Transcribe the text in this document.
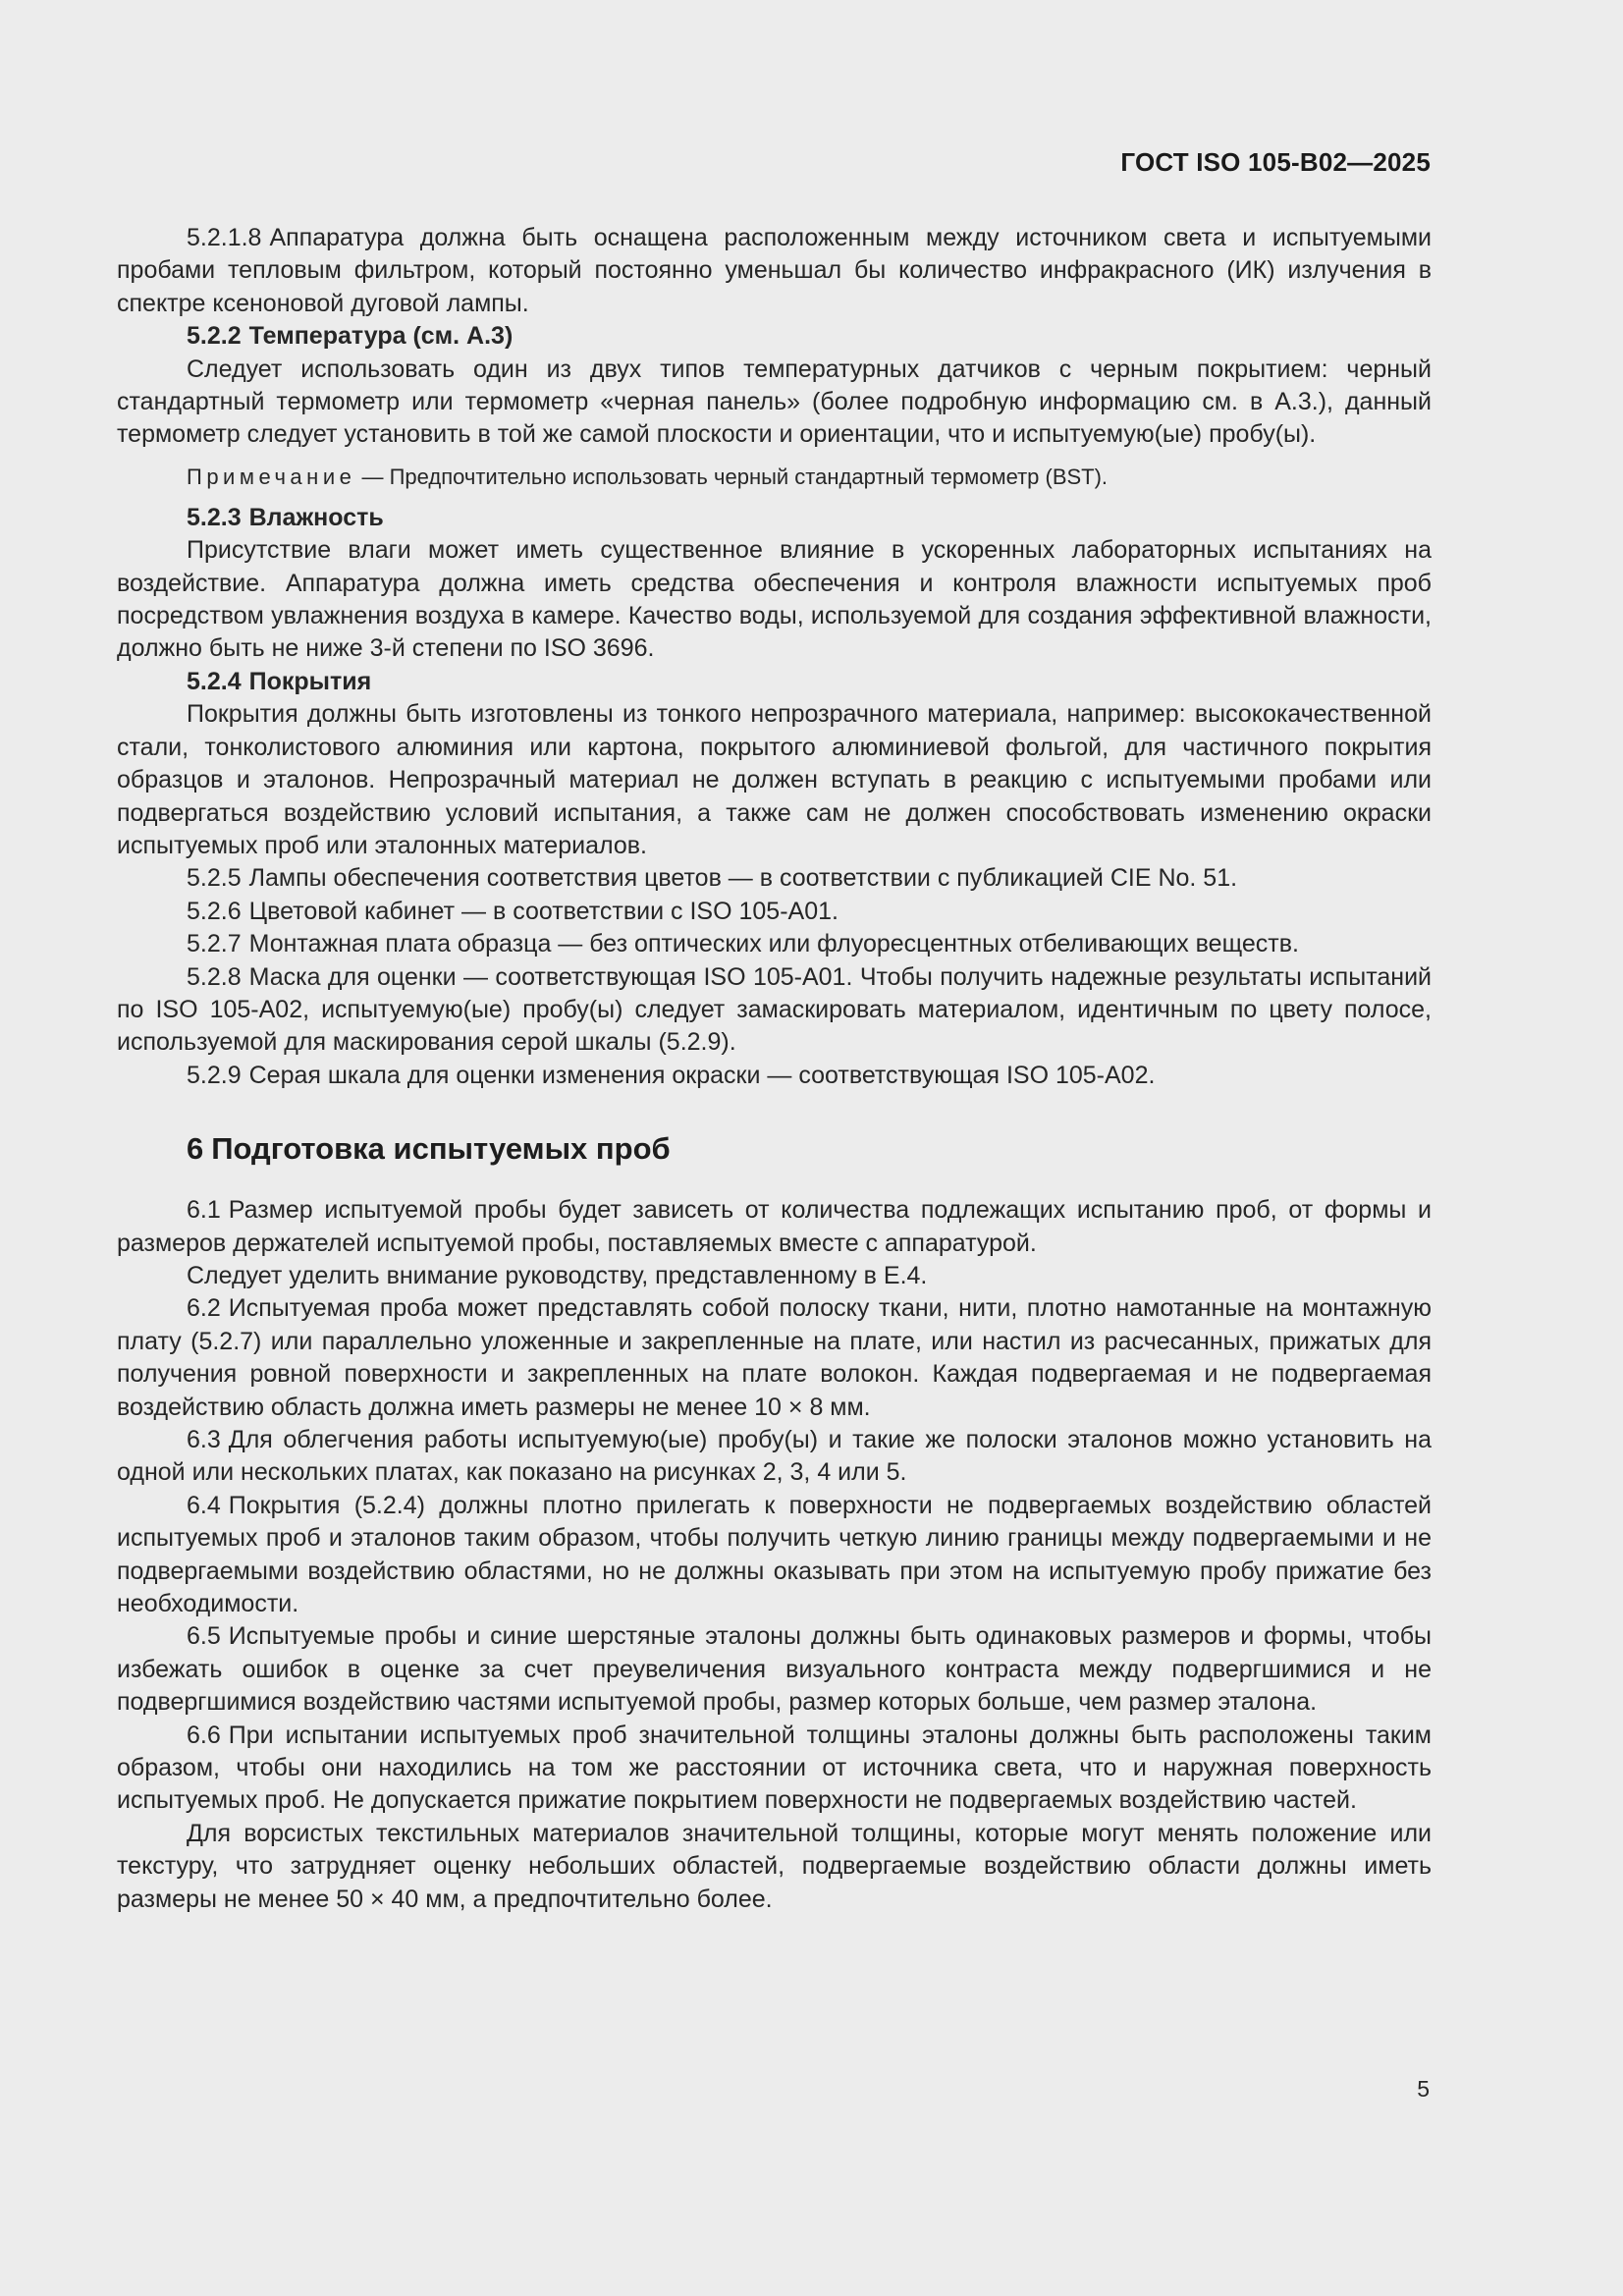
ГОСТ ISO 105-B02—2025

5.2.1.8 Аппаратура должна быть оснащена расположенным между источником света и испытуемыми пробами тепловым фильтром, который постоянно уменьшал бы количество инфракрасного (ИК) излучения в спектре ксеноновой дуговой лампы.

5.2.2 Температура (см. А.3)

Следует использовать один из двух типов температурных датчиков с черным покрытием: черный стандартный термометр или термометр «черная панель» (более подробную информацию см. в А.3.), данный термометр следует установить в той же самой плоскости и ориентации, что и испытуемую(ые) пробу(ы).

Примечание — Предпочтительно использовать черный стандартный термометр (BST).
5.2.3 Влажность

Присутствие влаги может иметь существенное влияние в ускоренных лабораторных испытаниях на воздействие. Аппаратура должна иметь средства обеспечения и контроля влажности испытуемых проб посредством увлажнения воздуха в камере. Качество воды, используемой для создания эффективной влажности, должно быть не ниже 3-й степени по ISO 3696.

5.2.4 Покрытия

Покрытия должны быть изготовлены из тонкого непрозрачного материала, например: высококачественной стали, тонколистового алюминия или картона, покрытого алюминиевой фольгой, для частичного покрытия образцов и эталонов. Непрозрачный материал не должен вступать в реакцию с испытуемыми пробами или подвергаться воздействию условий испытания, а также сам не должен способствовать изменению окраски испытуемых проб или эталонных материалов.

5.2.5 Лампы обеспечения соответствия цветов — в соответствии с публикацией CIE No. 51.

5.2.6 Цветовой кабинет — в соответствии с ISO 105-A01.

5.2.7 Монтажная плата образца — без оптических или флуоресцентных отбеливающих веществ.

5.2.8 Маска для оценки — соответствующая ISO 105-A01. Чтобы получить надежные результаты испытаний по ISO 105-A02, испытуемую(ые) пробу(ы) следует замаскировать материалом, идентичным по цвету полосе, используемой для маскирования серой шкалы (5.2.9).

5.2.9 Серая шкала для оценки изменения окраски — соответствующая ISO 105-A02.

6 Подготовка испытуемых проб

6.1 Размер испытуемой пробы будет зависеть от количества подлежащих испытанию проб, от формы и размеров держателей испытуемой пробы, поставляемых вместе с аппаратурой.

Следует уделить внимание руководству, представленному в Е.4.

6.2 Испытуемая проба может представлять собой полоску ткани, нити, плотно намотанные на монтажную плату (5.2.7) или параллельно уложенные и закрепленные на плате, или настил из расчесанных, прижатых для получения ровной поверхности и закрепленных на плате волокон. Каждая подвергаемая и не подвергаемая воздействию область должна иметь размеры не менее 10 × 8 мм.

6.3 Для облегчения работы испытуемую(ые) пробу(ы) и такие же полоски эталонов можно установить на одной или нескольких платах, как показано на рисунках 2, 3, 4 или 5.

6.4 Покрытия (5.2.4) должны плотно прилегать к поверхности не подвергаемых воздействию областей испытуемых проб и эталонов таким образом, чтобы получить четкую линию границы между подвергаемыми и не подвергаемыми воздействию областями, но не должны оказывать при этом на испытуемую пробу прижатие без необходимости.

6.5 Испытуемые пробы и синие шерстяные эталоны должны быть одинаковых размеров и формы, чтобы избежать ошибок в оценке за счет преувеличения визуального контраста между подвергшимися и не подвергшимися воздействию частями испытуемой пробы, размер которых больше, чем размер эталона.

6.6 При испытании испытуемых проб значительной толщины эталоны должны быть расположены таким образом, чтобы они находились на том же расстоянии от источника света, что и наружная поверхность испытуемых проб. Не допускается прижатие покрытием поверхности не подвергаемых воздействию частей.

Для ворсистых текстильных материалов значительной толщины, которые могут менять положение или текстуру, что затрудняет оценку небольших областей, подвергаемые воздействию области должны иметь размеры не менее 50 × 40 мм, а предпочтительно более.

5
